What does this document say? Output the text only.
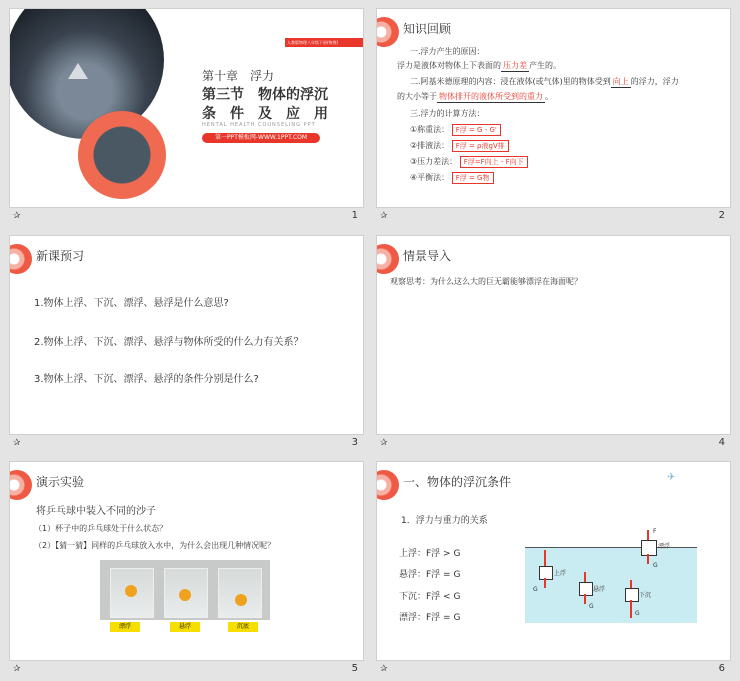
人教版物理八年级下册(物理)
第十章　浮力
第三节　物体的浮沉
条　件　及　应　用
HENTAL HEALTH COUNSELING PPT
第一PPT模板网-WWW.1PPT.COM
✰	1
知识回顾
一.浮力产生的原因：
浮力是液体对物体上下表面的 压力差 产生的。
二.阿基米德原理的内容：浸在液体(或气体)里的物体受到 向上 的浮力，浮力
的大小等于 物体排开的液体所受到的重力 。
三.浮力的计算方法：
①称重法： F浮 = G - G'
②排液法： F浮 = ρ液gV排
③压力差法： F浮=F向上 - F向下
④平衡法： F浮 = G物
✰	2
新课预习
1.物体上浮、下沉、漂浮、悬浮是什么意思?
2.物体上浮、下沉、漂浮、悬浮与物体所受的什么力有关系？
3.物体上浮、下沉、漂浮、悬浮的条件分别是什么?
✰	3
情景导入
观察思考：为什么这么大的巨无霸能够漂浮在海面呢？
✰	4
演示实验
将乒乓球中装入不同的沙子
（1）杯子中的乒乓球处于什么状态？
（2）【猜一猜】同样的乒乓球放入水中，为什么会出现几种情况呢？
漂浮	悬浮	沉底
✰	5
一、物体的浮沉条件	✈
1．浮力与重力的关系
上浮：F浮 > G
悬浮：F浮 = G
下沉：F浮 < G
漂浮：F浮 = G
上浮
G	悬浮
G
下沉
G
漂浮
F
G
✰	6
